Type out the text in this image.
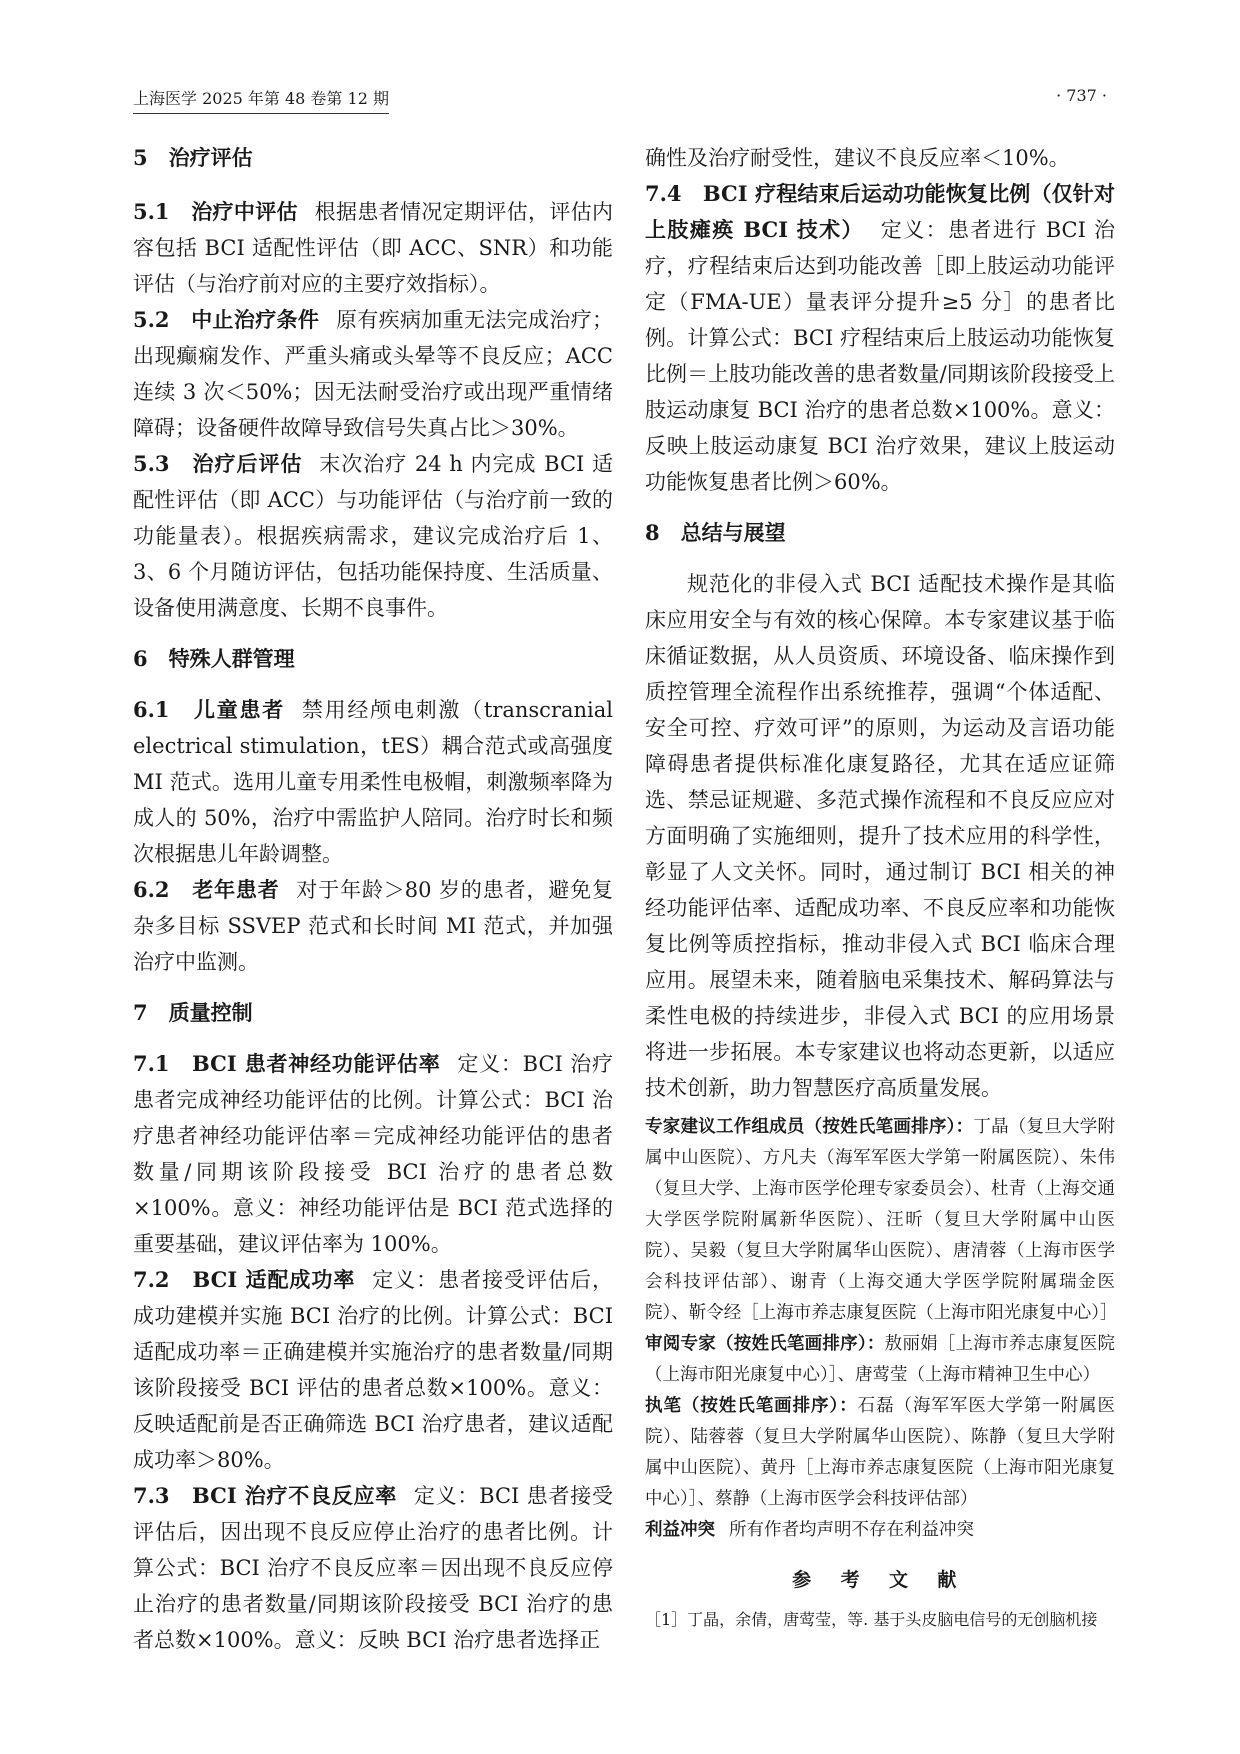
上海医学 2025 年第 48 卷第 12 期	· 737 ·

5　治疗评估

5.1　治疗中评估 根据患者情况定期评估，评估内容包括 BCI 适配性评估（即 ACC、SNR）和功能评估（与治疗前对应的主要疗效指标）。

5.2　中止治疗条件 原有疾病加重无法完成治疗；出现癫痫发作、严重头痛或头晕等不良反应；ACC 连续 3 次＜50%；因无法耐受治疗或出现严重情绪障碍；设备硬件故障导致信号失真占比＞30%。

5.3　治疗后评估 末次治疗 24 h 内完成 BCI 适配性评估（即 ACC）与功能评估（与治疗前一致的功能量表）。根据疾病需求，建议完成治疗后 1、3、6 个月随访评估，包括功能保持度、生活质量、设备使用满意度、长期不良事件。

6　特殊人群管理

6.1　儿童患者 禁用经颅电刺激（transcranial electrical stimulation，tES）耦合范式或高强度 MI 范式。选用儿童专用柔性电极帽，刺激频率降为成人的 50%，治疗中需监护人陪同。治疗时长和频次根据患儿年龄调整。

6.2　老年患者 对于年龄＞80 岁的患者，避免复杂多目标 SSVEP 范式和长时间 MI 范式，并加强治疗中监测。

7　质量控制

7.1　BCI 患者神经功能评估率 定义：BCI 治疗患者完成神经功能评估的比例。计算公式：BCI 治疗患者神经功能评估率＝完成神经功能评估的患者数量/同期该阶段接受 BCI 治疗的患者总数×100%。意义：神经功能评估是 BCI 范式选择的重要基础，建议评估率为 100%。

7.2　BCI 适配成功率 定义：患者接受评估后，成功建模并实施 BCI 治疗的比例。计算公式：BCI 适配成功率＝正确建模并实施治疗的患者数量/同期该阶段接受 BCI 评估的患者总数×100%。意义：反映适配前是否正确筛选 BCI 治疗患者，建议适配成功率＞80%。

7.3　BCI 治疗不良反应率 定义：BCI 患者接受评估后，因出现不良反应停止治疗的患者比例。计算公式：BCI 治疗不良反应率＝因出现不良反应停止治疗的患者数量/同期该阶段接受 BCI 治疗的患者总数×100%。意义：反映 BCI 治疗患者选择正

确性及治疗耐受性，建议不良反应率＜10%。

7.4　BCI 疗程结束后运动功能恢复比例（仅针对上肢瘫痪 BCI 技术） 定义：患者进行 BCI 治疗，疗程结束后达到功能改善［即上肢运动功能评定（FMA-UE）量表评分提升≥5 分］的患者比例。计算公式：BCI 疗程结束后上肢运动功能恢复比例＝上肢功能改善的患者数量/同期该阶段接受上肢运动康复 BCI 治疗的患者总数×100%。意义：反映上肢运动康复 BCI 治疗效果，建议上肢运动功能恢复患者比例＞60%。

8　总结与展望

规范化的非侵入式 BCI 适配技术操作是其临床应用安全与有效的核心保障。本专家建议基于临床循证数据，从人员资质、环境设备、临床操作到质控管理全流程作出系统推荐，强调“个体适配、安全可控、疗效可评”的原则，为运动及言语功能障碍患者提供标准化康复路径，尤其在适应证筛选、禁忌证规避、多范式操作流程和不良反应应对方面明确了实施细则，提升了技术应用的科学性，彰显了人文关怀。同时，通过制订 BCI 相关的神经功能评估率、适配成功率、不良反应率和功能恢复比例等质控指标，推动非侵入式 BCI 临床合理应用。展望未来，随着脑电采集技术、解码算法与柔性电极的持续进步，非侵入式 BCI 的应用场景将进一步拓展。本专家建议也将动态更新，以适应技术创新，助力智慧医疗高质量发展。

专家建议工作组成员（按姓氏笔画排序）：丁晶（复旦大学附属中山医院）、方凡夫（海军军医大学第一附属医院）、朱伟（复旦大学、上海市医学伦理专家委员会）、杜青（上海交通大学医学院附属新华医院）、汪昕（复旦大学附属中山医院）、吴毅（复旦大学附属华山医院）、唐清蓉（上海市医学会科技评估部）、谢青（上海交通大学医学院附属瑞金医院）、靳令经［上海市养志康复医院（上海市阳光康复中心）］

审阅专家（按姓氏笔画排序）：敖丽娟［上海市养志康复医院（上海市阳光康复中心）］、唐莺莹（上海市精神卫生中心）

执笔（按姓氏笔画排序）：石磊（海军军医大学第一附属医院）、陆蓉蓉（复旦大学附属华山医院）、陈静（复旦大学附属中山医院）、黄丹［上海市养志康复医院（上海市阳光康复中心）］、蔡静（上海市医学会科技评估部）

利益冲突 所有作者均声明不存在利益冲突

参 考 文 献

［1］丁晶，余倩，唐莺莹，等. 基于头皮脑电信号的无创脑机接
